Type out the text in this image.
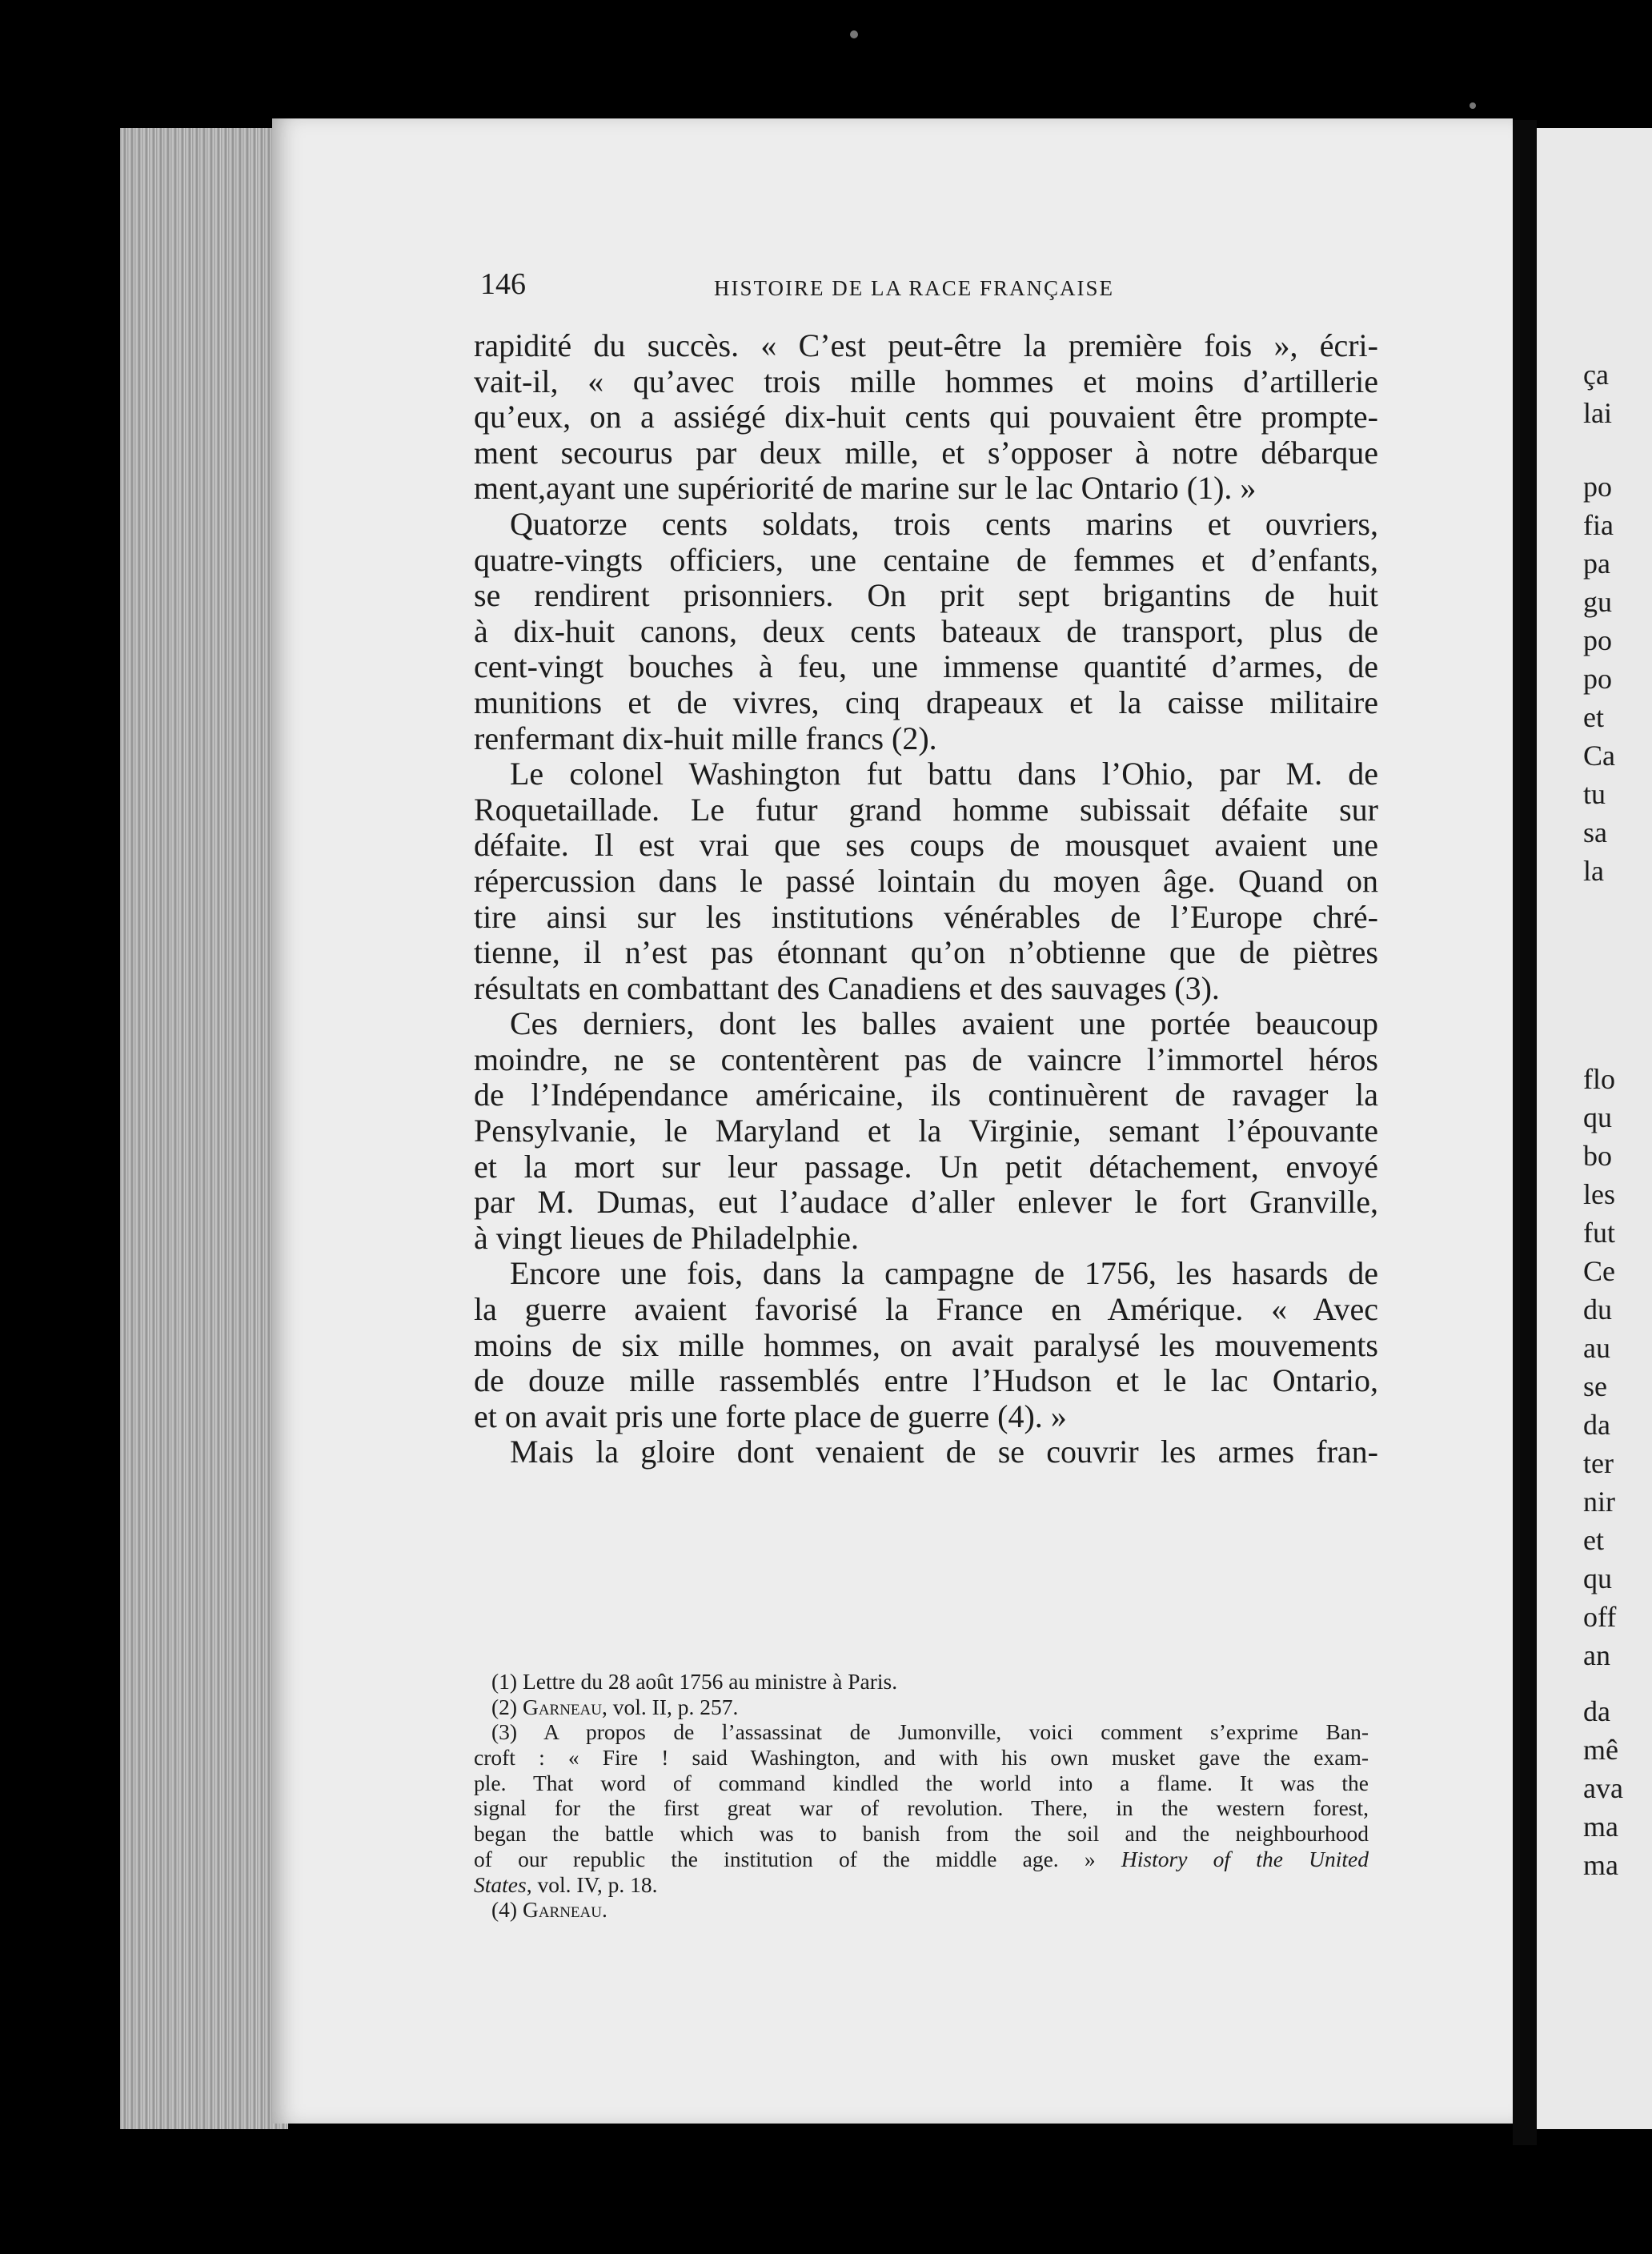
ça
lai
po
fia
pa
gu
po
po
et
Ca
tu
sa
la
flo
qu
bo
les
fut
Ce
du
au
se
da
ter
nir
et
qu
off
an
da
mê
ava
ma
ma
146	HISTOIRE DE LA RACE FRANÇAISE
rapidité du succès. « C’est peut-être la première fois », écri-
vait-il, « qu’avec trois mille hommes et moins d’artillerie
qu’eux, on a assiégé dix-huit cents qui pouvaient être prompte-
ment secourus par deux mille, et s’opposer à notre débarque
ment,ayant une supériorité de marine sur le lac Ontario (1). »
Quatorze cents soldats, trois cents marins et ouvriers,
quatre-vingts officiers, une centaine de femmes et d’enfants,
se rendirent prisonniers. On prit sept brigantins de huit
à dix-huit canons, deux cents bateaux de transport, plus de
cent-vingt bouches à feu, une immense quantité d’armes, de
munitions et de vivres, cinq drapeaux et la caisse militaire
renfermant dix-huit mille francs (2).
Le colonel Washington fut battu dans l’Ohio, par M. de
Roquetaillade. Le futur grand homme subissait défaite sur
défaite. Il est vrai que ses coups de mousquet avaient une
répercussion dans le passé lointain du moyen âge. Quand on
tire ainsi sur les institutions vénérables de l’Europe chré-
tienne, il n’est pas étonnant qu’on n’obtienne que de piètres
résultats en combattant des Canadiens et des sauvages (3).
Ces derniers, dont les balles avaient une portée beaucoup
moindre, ne se contentèrent pas de vaincre l’immortel héros
de l’Indépendance américaine, ils continuèrent de ravager la
Pensylvanie, le Maryland et la Virginie, semant l’épouvante
et la mort sur leur passage. Un petit détachement, envoyé
par M. Dumas, eut l’audace d’aller enlever le fort Granville,
à vingt lieues de Philadelphie.
Encore une fois, dans la campagne de 1756, les hasards de
la guerre avaient favorisé la France en Amérique. « Avec
moins de six mille hommes, on avait paralysé les mouvements
de douze mille rassemblés entre l’Hudson et le lac Ontario,
et on avait pris une forte place de guerre (4). »
Mais la gloire dont venaient de se couvrir les armes fran-
(1) Lettre du 28 août 1756 au ministre à Paris.
(2) Garneau, vol. II, p. 257.
(3) A propos de l’assassinat de Jumonville, voici comment s’exprime Ban-
croft : « Fire ! said Washington, and with his own musket gave the exam-
ple. That word of command kindled the world into a flame. It was the
signal for the first great war of revolution. There, in the western forest,
began the battle which was to banish from the soil and the neighbourhood
of our republic the institution of the middle age. » History of the United
States, vol. IV, p. 18.
(4) Garneau.
